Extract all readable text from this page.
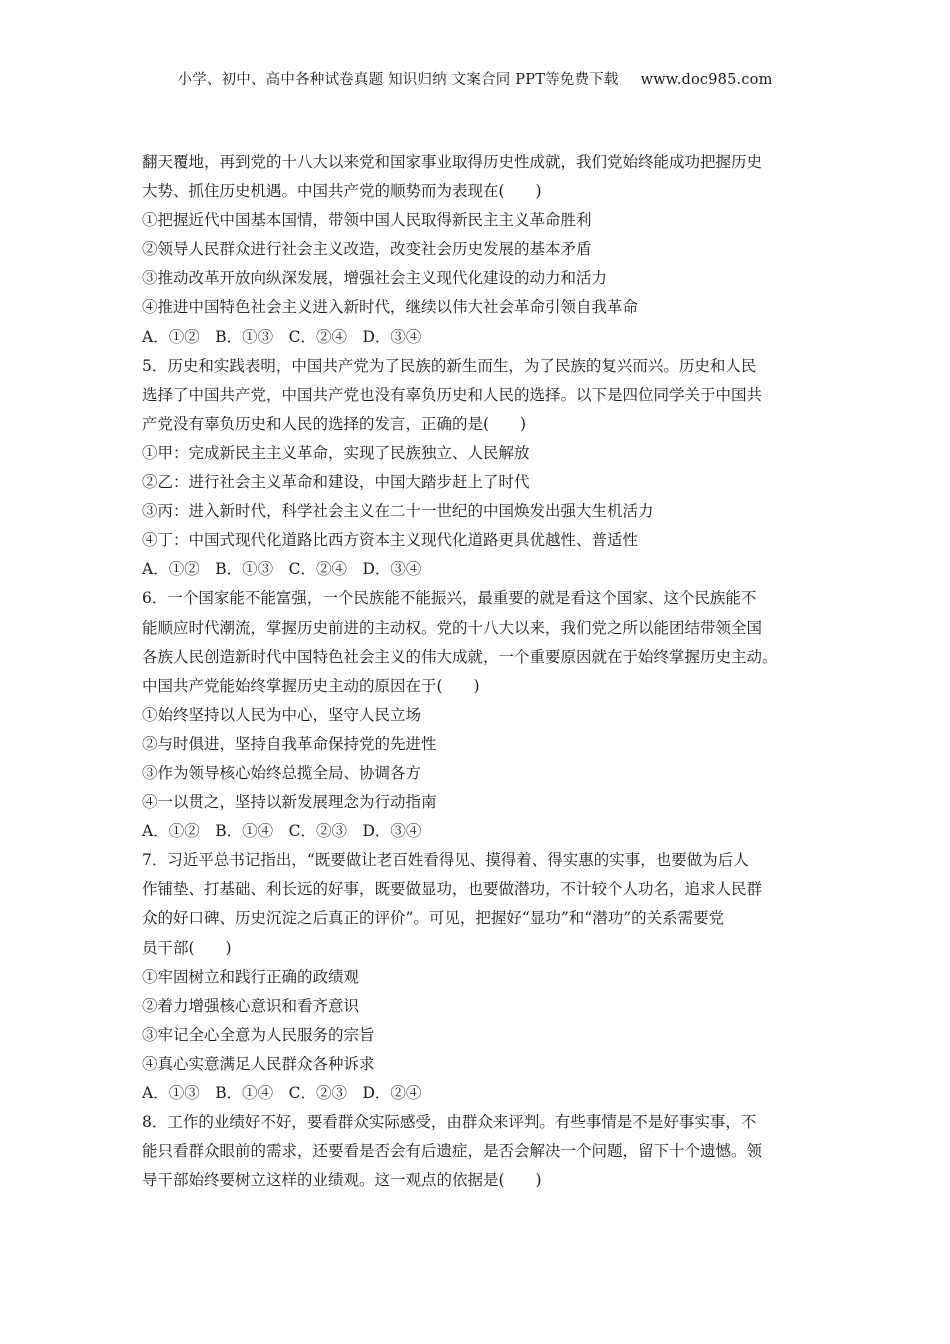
小学、初中、高中各种试卷真题 知识归纳 文案合同 PPT等免费下载 www.doc985.com
翻天覆地，再到党的十八大以来党和国家事业取得历史性成就，我们党始终能成功把握历史
大势、抓住历史机遇。中国共产党的顺势而为表现在(　　)
①把握近代中国基本国情，带领中国人民取得新民主主义革命胜利
②领导人民群众进行社会主义改造，改变社会历史发展的基本矛盾
③推动改革开放向纵深发展，增强社会主义现代化建设的动力和活力
④推进中国特色社会主义进入新时代，继续以伟大社会革命引领自我革命
A．①②　B．①③　C．②④　D．③④
5．历史和实践表明，中国共产党为了民族的新生而生，为了民族的复兴而兴。历史和人民
选择了中国共产党，中国共产党也没有辜负历史和人民的选择。以下是四位同学关于中国共
产党没有辜负历史和人民的选择的发言，正确的是(　　)
①甲：完成新民主主义革命，实现了民族独立、人民解放
②乙：进行社会主义革命和建设，中国大踏步赶上了时代
③丙：进入新时代，科学社会主义在二十一世纪的中国焕发出强大生机活力
④丁：中国式现代化道路比西方资本主义现代化道路更具优越性、普适性
A．①②　B．①③　C．②④　D．③④
6．一个国家能不能富强，一个民族能不能振兴，最重要的就是看这个国家、这个民族能不
能顺应时代潮流，掌握历史前进的主动权。党的十八大以来，我们党之所以能团结带领全国
各族人民创造新时代中国特色社会主义的伟大成就，一个重要原因就在于始终掌握历史主动。
中国共产党能始终掌握历史主动的原因在于(　　)
①始终坚持以人民为中心，坚守人民立场
②与时俱进，坚持自我革命保持党的先进性
③作为领导核心始终总揽全局、协调各方
④一以贯之，坚持以新发展理念为行动指南
A．①②　B．①④　C．②③　D．③④
7．习近平总书记指出，“既要做让老百姓看得见、摸得着、得实惠的实事，也要做为后人
作铺垫、打基础、利长远的好事，既要做显功，也要做潜功，不计较个人功名，追求人民群
众的好口碑、历史沉淀之后真正的评价”。可见，把握好“显功”和“潜功”的关系需要党
员干部(　　)
①牢固树立和践行正确的政绩观
②着力增强核心意识和看齐意识
③牢记全心全意为人民服务的宗旨
④真心实意满足人民群众各种诉求
A．①③　B．①④　C．②③　D．②④
8．工作的业绩好不好，要看群众实际感受，由群众来评判。有些事情是不是好事实事，不
能只看群众眼前的需求，还要看是否会有后遗症，是否会解决一个问题，留下十个遗憾。领
导干部始终要树立这样的业绩观。这一观点的依据是(　　)
